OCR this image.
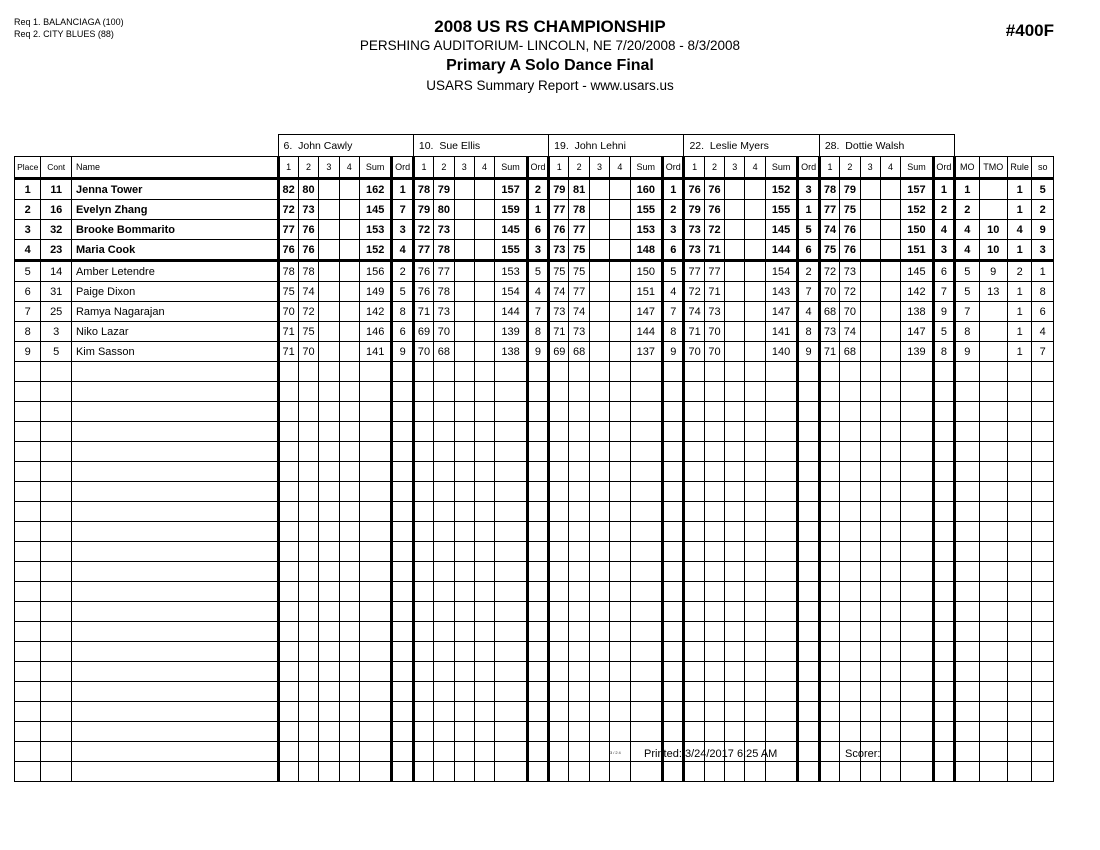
Req 1. BALANCIAGA (100)
Req 2. CITY BLUES (88)	2008 US RS CHAMPIONSHIP
PERSHING AUDITORIUM- LINCOLN, NE 7/20/2008 - 8/3/2008
Primary A Solo Dance Final
USARS Summary Report - www.usars.us
#400F
			6. John Cawly						10. Sue Ellis						19. John Lehni						22. Leslie Myers						28. Dottie Walsh									
Place	Cont	Name	1	2	3	4	Sum	Ord	1	2	3	4	Sum	Ord	1	2	3	4	Sum	Ord	1	2	3	4	Sum	Ord	1	2	3	4	Sum	Ord	MO	TMO	Rule	so
1	11	Jenna Tower	82	80			162	1	78	79			157	2	79	81			160	1	76	76			152	3	78	79			157	1	1		1	5
2	16	Evelyn Zhang	72	73			145	7	79	80			159	1	77	78			155	2	79	76			155	1	77	75			152	2	2		1	2
3	32	Brooke Bommarito	77	76			153	3	72	73			145	6	76	77			153	3	73	72			145	5	74	76			150	4	4	10	4	9
4	23	Maria Cook	76	76			152	4	77	78			155	3	73	75			148	6	73	71			144	6	75	76			151	3	4	10	1	3
5	14	Amber Letendre	78	78			156	2	76	77			153	5	75	75			150	5	77	77			154	2	72	73			145	6	5	9	2	1
6	31	Paige Dixon	75	74			149	5	76	78			154	4	74	77			151	4	72	71			143	7	70	72			142	7	5	13	1	8
7	25	Ramya Nagarajan	70	72			142	8	71	73			144	7	73	74			147	7	74	73			147	4	68	70			138	9	7		1	6
8	3	Niko Lazar	71	75			146	6	69	70			139	8	71	73			144	8	71	70			141	8	73	74			147	5	8		1	4
9	5	Kim Sasson	71	70			141	9	70	68			138	9	69	68			137	9	70	70			140	9	71	68			139	8	9		1	7

3/24 Printed: 3/24/2017 6:25 AM	Scorer:
